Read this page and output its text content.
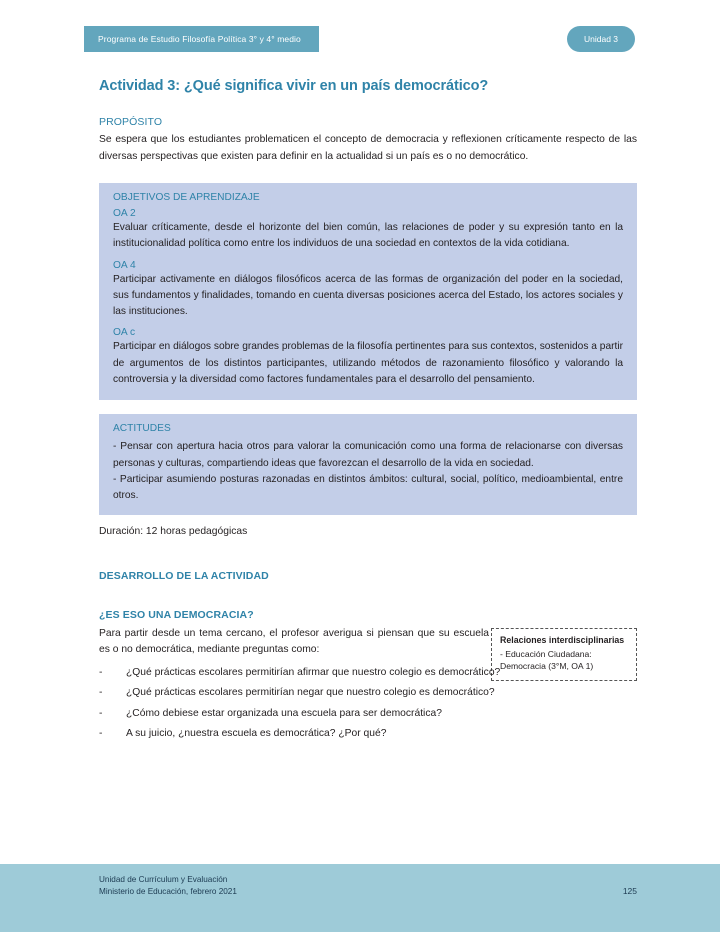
Programa de Estudio Filosofía Política 3° y 4° medio	Unidad 3
Actividad 3: ¿Qué significa vivir en un país democrático?
PROPÓSITO

Se espera que los estudiantes problematicen el concepto de democracia y reflexionen críticamente respecto de las diversas perspectivas que existen para definir en la actualidad si un país es o no democrático.

OBJETIVOS DE APRENDIZAJE

OA 2

Evaluar críticamente, desde el horizonte del bien común, las relaciones de poder y su expresión tanto en la institucionalidad política como entre los individuos de una sociedad en contextos de la vida cotidiana.

OA 4

Participar activamente en diálogos filosóficos acerca de las formas de organización del poder en la sociedad, sus fundamentos y finalidades, tomando en cuenta diversas posiciones acerca del Estado, los actores sociales y las instituciones.

OA c

Participar en diálogos sobre grandes problemas de la filosofía pertinentes para sus contextos, sostenidos a partir de argumentos de los distintos participantes, utilizando métodos de razonamiento filosófico y valorando la controversia y la diversidad como factores fundamentales para el desarrollo del pensamiento.

ACTITUDES

- Pensar con apertura hacia otros para valorar la comunicación como una forma de relacionarse con diversas personas y culturas, compartiendo ideas que favorezcan el desarrollo de la vida en sociedad.

- Participar asumiendo posturas razonadas en distintos ámbitos: cultural, social, político, medioambiental, entre otros.

Duración: 12 horas pedagógicas

DESARROLLO DE LA ACTIVIDAD
¿ES ESO UNA DEMOCRACIA?

Para partir desde un tema cercano, el profesor averigua si piensan que su escuela es o no democrática, mediante preguntas como:

Relaciones interdisciplinarias

- Educación Ciudadana:

Democracia (3°M, OA 1)

- ¿Qué prácticas escolares permitirían afirmar que nuestro colegio es democrático?
- ¿Qué prácticas escolares permitirían negar que nuestro colegio es democrático?
- ¿Cómo debiese estar organizada una escuela para ser democrática?
- A su juicio, ¿nuestra escuela es democrática? ¿Por qué?
Unidad de Currículum y Evaluación
Ministerio de Educación, febrero 2021	125
